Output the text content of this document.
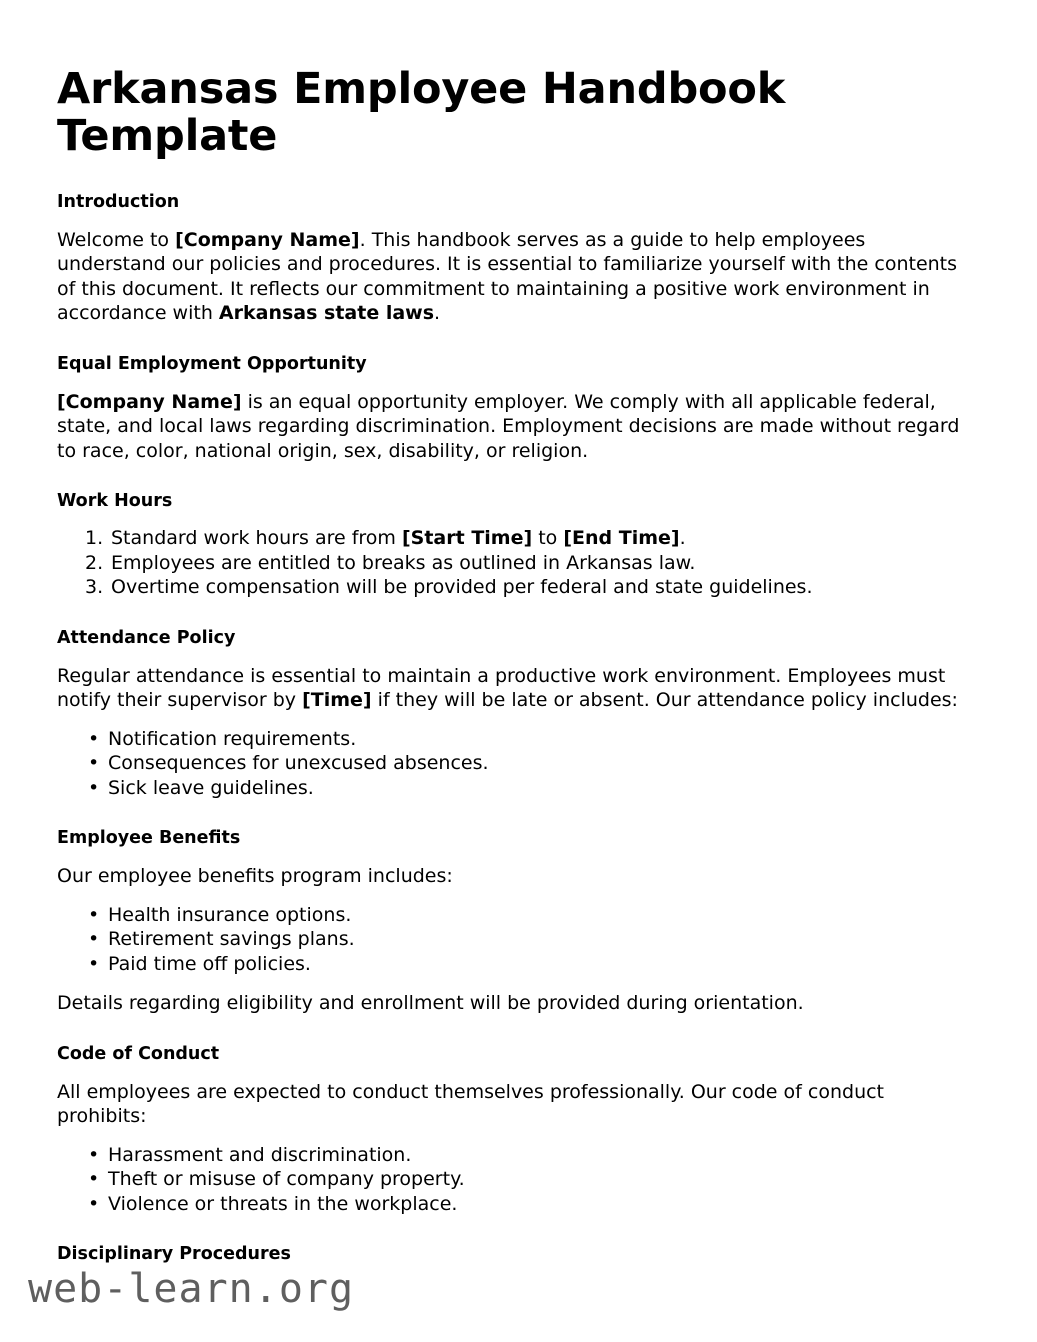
Arkansas Employee Handbook Template
Introduction

Welcome to [Company Name]. This handbook serves as a guide to help employees understand our policies and procedures. It is essential to familiarize yourself with the contents of this document. It reflects our commitment to maintaining a positive work environment in accordance with Arkansas state laws.

Equal Employment Opportunity

[Company Name] is an equal opportunity employer. We comply with all applicable federal, state, and local laws regarding discrimination. Employment decisions are made without regard to race, color, national origin, sex, disability, or religion.

Work Hours
Standard work hours are from [Start Time] to [End Time].
Employees are entitled to breaks as outlined in Arkansas law.
Overtime compensation will be provided per federal and state guidelines.
Attendance Policy

Regular attendance is essential to maintain a productive work environment. Employees must notify their supervisor by [Time] if they will be late or absent. Our attendance policy includes:

• Notification requirements.
• Consequences for unexcused absences.
• Sick leave guidelines.
Employee Benefits

Our employee benefits program includes:

• Health insurance options.
• Retirement savings plans.
• Paid time off policies.

Details regarding eligibility and enrollment will be provided during orientation.

Code of Conduct

All employees are expected to conduct themselves professionally. Our code of conduct prohibits:

• Harassment and discrimination.
• Theft or misuse of company property.
• Violence or threats in the workplace.
Disciplinary Procedures
web-learn.org
